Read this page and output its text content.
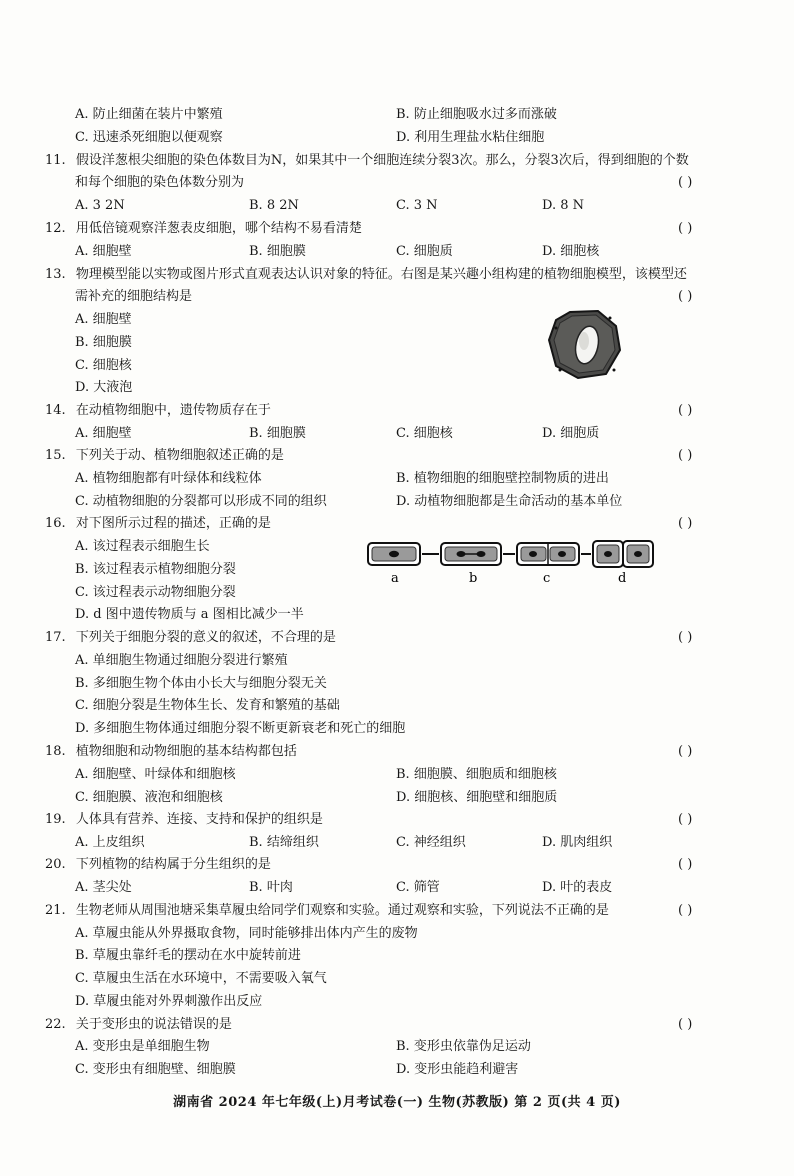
A. 防止细菌在装片中繁殖	B. 防止细胞吸水过多而涨破
C. 迅速杀死细胞以便观察	D. 利用生理盐水粘住细胞
11. 假设洋葱根尖细胞的染色体数目为N，如果其中一个细胞连续分裂3次。那么，分裂3次后，得到细胞的个数
和每个细胞的染色体数分别为	( )
A. 3 2N	B. 8 2N	C. 3 N	D. 8 N
12. 用低倍镜观察洋葱表皮细胞，哪个结构不易看清楚	( )
A. 细胞壁	B. 细胞膜	C. 细胞质	D. 细胞核
13. 物理模型能以实物或图片形式直观表达认识对象的特征。右图是某兴趣小组构建的植物细胞模型，该模型还
需补充的细胞结构是	( )
A. 细胞壁
B. 细胞膜
C. 细胞核
D. 大液泡
14. 在动植物细胞中，遗传物质存在于	( )
A. 细胞壁	B. 细胞膜	C. 细胞核	D. 细胞质
15. 下列关于动、植物细胞叙述正确的是	( )
A. 植物细胞都有叶绿体和线粒体	B. 植物细胞的细胞壁控制物质的进出
C. 动植物细胞的分裂都可以形成不同的组织	D. 动植物细胞都是生命活动的基本单位
16. 对下图所示过程的描述，正确的是	( )
A. 该过程表示细胞生长
B. 该过程表示植物细胞分裂
C. 该过程表示动物细胞分裂
D. d 图中遗传物质与 a 图相比减少一半
a	b	c	d
17. 下列关于细胞分裂的意义的叙述，不合理的是	( )
A. 单细胞生物通过细胞分裂进行繁殖
B. 多细胞生物个体由小长大与细胞分裂无关
C. 细胞分裂是生物体生长、发育和繁殖的基础
D. 多细胞生物体通过细胞分裂不断更新衰老和死亡的细胞
18. 植物细胞和动物细胞的基本结构都包括	( )
A. 细胞壁、叶绿体和细胞核	B. 细胞膜、细胞质和细胞核
C. 细胞膜、液泡和细胞核	D. 细胞核、细胞壁和细胞质
19. 人体具有营养、连接、支持和保护的组织是	( )
A. 上皮组织	B. 结缔组织	C. 神经组织	D. 肌肉组织
20. 下列植物的结构属于分生组织的是	( )
A. 茎尖处	B. 叶肉	C. 筛管	D. 叶的表皮
21. 生物老师从周围池塘采集草履虫给同学们观察和实验。通过观察和实验，下列说法不正确的是	( )
A. 草履虫能从外界摄取食物，同时能够排出体内产生的废物
B. 草履虫靠纤毛的摆动在水中旋转前进
C. 草履虫生活在水环境中，不需要吸入氧气
D. 草履虫能对外界刺激作出反应
22. 关于变形虫的说法错误的是	( )
A. 变形虫是单细胞生物	B. 变形虫依靠伪足运动
C. 变形虫有细胞壁、细胞膜	D. 变形虫能趋利避害
湖南省 2024 年七年级(上)月考试卷(一) 生物(苏教版) 第 2 页(共 4 页)
